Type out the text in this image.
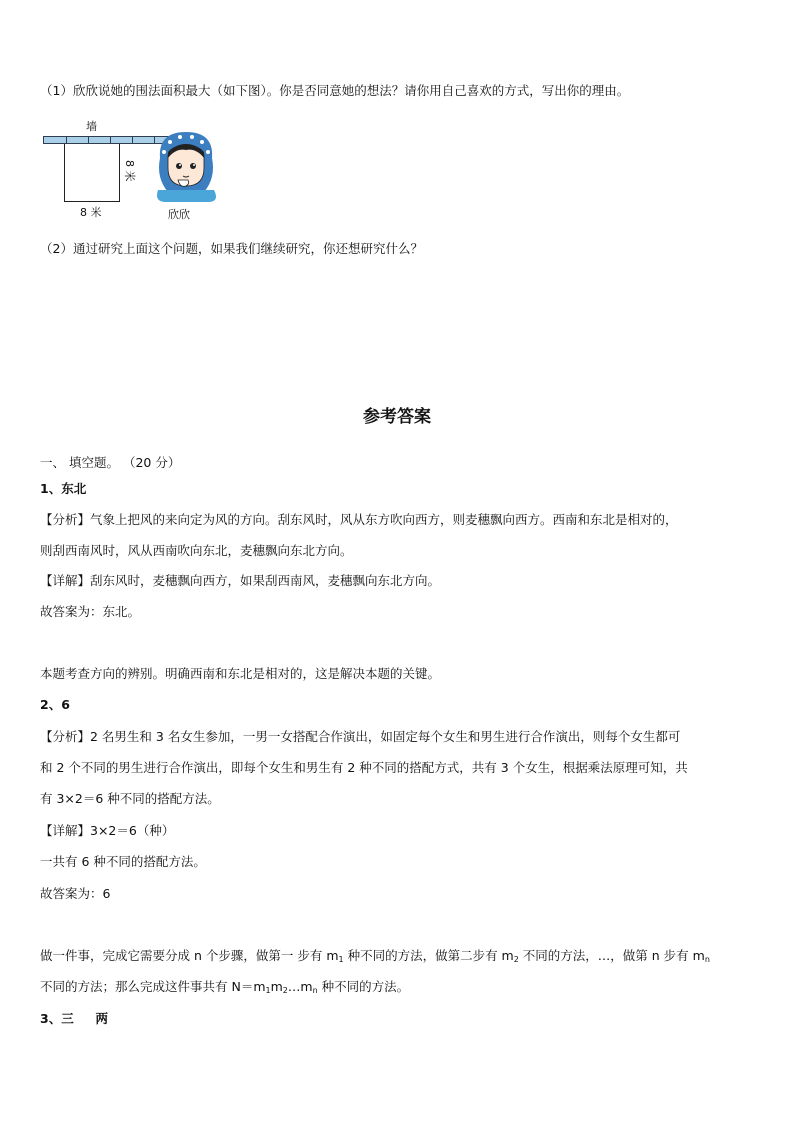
（1）欣欣说她的围法面积最大（如下图）。你是否同意她的想法？请你用自己喜欢的方式，写出你的理由。
墙
8 米
8 米	欣欣
（2）通过研究上面这个问题，如果我们继续研究，你还想研究什么？
参考答案
一、 填空题。 （20 分）
1、东北
【分析】气象上把风的来向定为风的方向。刮东风时，风从东方吹向西方，则麦穗飘向西方。西南和东北是相对的，
则刮西南风时，风从西南吹向东北，麦穗飘向东北方向。
【详解】刮东风时，麦穗飘向西方，如果刮西南风，麦穗飘向东北方向。
故答案为：东北。
本题考查方向的辨别。明确西南和东北是相对的，这是解决本题的关键。
2、6
【分析】2 名男生和 3 名女生参加，一男一女搭配合作演出，如固定每个女生和男生进行合作演出，则每个女生都可
和 2 个不同的男生进行合作演出，即每个女生和男生有 2 种不同的搭配方式，共有 3 个女生，根据乘法原理可知，共
有 3×2＝6 种不同的搭配方法。
【详解】3×2＝6（种）
一共有 6 种不同的搭配方法。
故答案为：6
做一件事，完成它需要分成 n 个步骤，做第一 步有 $m_1$ 种不同的方法，做第二步有 $m_2$ 不同的方法，…，做第 n 步有 $m_n$
不同的方法；那么完成这件事共有 $N=m_1m_2\dots m_n$ 种不同的方法。
3、三     两
